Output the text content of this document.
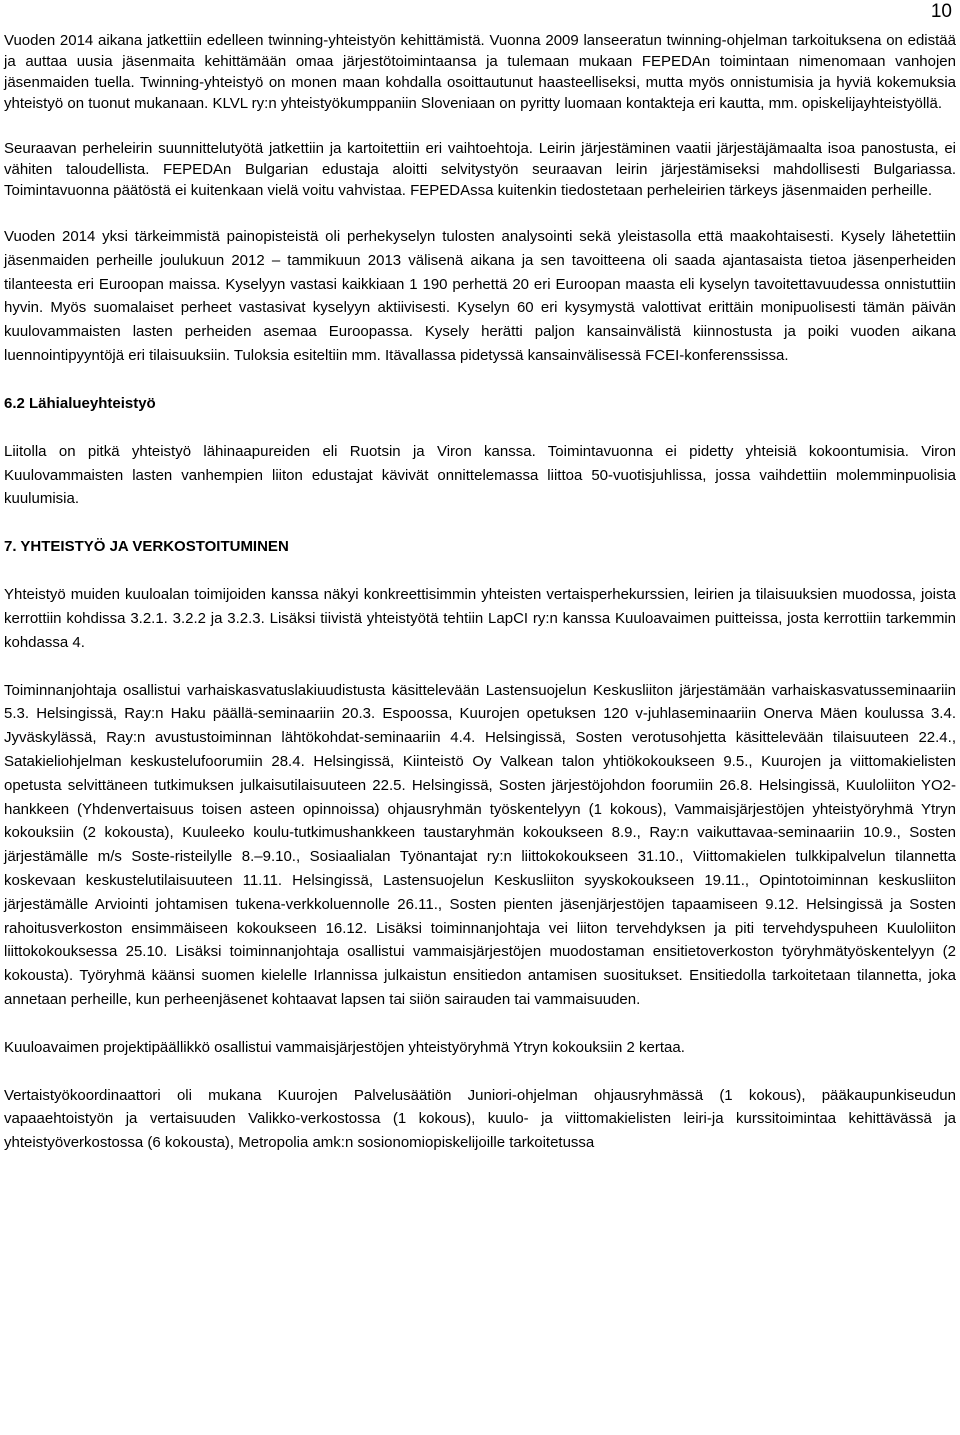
10

Vuoden 2014 aikana jatkettiin edelleen twinning-yhteistyön kehittämistä. Vuonna 2009 lanseeratun twinning-ohjelman tarkoituksena on edistää ja auttaa uusia jäsenmaita kehittämään omaa järjestötoimintaansa ja tulemaan mukaan FEPEDAn toimintaan nimenomaan vanhojen jäsenmaiden tuella. Twinning-yhteistyö on monen maan kohdalla osoittautunut haasteelliseksi, mutta myös onnistumisia ja hyviä kokemuksia yhteistyö on tuonut mukanaan. KLVL ry:n yhteistyökumppaniin Sloveniaan on pyritty luomaan kontakteja eri kautta, mm. opiskelijayhteistyöllä.

Seuraavan perheleirin suunnittelutyötä jatkettiin ja kartoitettiin eri vaihtoehtoja. Leirin järjestäminen vaatii järjestäjämaalta isoa panostusta, ei vähiten taloudellista. FEPEDAn Bulgarian edustaja aloitti selvitystyön seuraavan leirin järjestämiseksi mahdollisesti Bulgariassa. Toimintavuonna päätöstä ei kuitenkaan vielä voitu vahvistaa. FEPEDAssa kuitenkin tiedostetaan perheleirien tärkeys jäsenmaiden perheille.

Vuoden 2014 yksi tärkeimmistä painopisteistä oli perhekyselyn tulosten analysointi sekä yleistasolla että maakohtaisesti. Kysely lähetettiin jäsenmaiden perheille joulukuun 2012 – tammikuun 2013 välisenä aikana ja sen tavoitteena oli saada ajantasaista tietoa jäsenperheiden tilanteesta eri Euroopan maissa. Kyselyyn vastasi kaikkiaan 1 190 perhettä 20 eri Euroopan maasta eli kyselyn tavoitettavuudessa onnistuttiin hyvin. Myös suomalaiset perheet vastasivat kyselyyn aktiivisesti. Kyselyn 60 eri kysymystä valottivat erittäin monipuolisesti tämän päivän kuulovammaisten lasten perheiden asemaa Euroopassa. Kysely herätti paljon kansainvälistä kiinnostusta ja poiki vuoden aikana luennointipyyntöjä eri tilaisuuksiin. Tuloksia esiteltiin mm. Itävallassa pidetyssä kansainvälisessä FCEI-konferenssissa.

6.2 Lähialueyhteistyö

Liitolla on pitkä yhteistyö lähinaapureiden eli Ruotsin ja Viron kanssa. Toimintavuonna ei pidetty yhteisiä kokoontumisia. Viron Kuulovammaisten lasten vanhempien liiton edustajat kävivät onnittelemassa liittoa 50-vuotisjuhlissa, jossa vaihdettiin molemminpuolisia kuulumisia.

7. YHTEISTYÖ JA VERKOSTOITUMINEN

Yhteistyö muiden kuuloalan toimijoiden kanssa näkyi konkreettisimmin yhteisten vertaisperhekurssien, leirien ja tilaisuuksien muodossa, joista kerrottiin kohdissa 3.2.1. 3.2.2 ja 3.2.3. Lisäksi tiivistä yhteistyötä tehtiin LapCI ry:n kanssa Kuuloavaimen puitteissa, josta kerrottiin tarkemmin kohdassa 4.

Toiminnanjohtaja osallistui varhaiskasvatuslakiuudistusta käsittelevään Lastensuojelun Keskusliiton järjestämään varhaiskasvatusseminaariin 5.3. Helsingissä, Ray:n Haku päällä-seminaariin 20.3. Espoossa, Kuurojen opetuksen 120 v-juhlaseminaariin Onerva Mäen koulussa 3.4. Jyväskylässä, Ray:n avustustoiminnan lähtökohdat-seminaariin 4.4. Helsingissä, Sosten verotusohjetta käsittelevään tilaisuuteen 22.4., Satakieliohjelman keskustelufoorumiin 28.4. Helsingissä, Kiinteistö Oy Valkean talon yhtiökokoukseen 9.5., Kuurojen ja viittomakielisten opetusta selvittäneen tutkimuksen julkaisutilaisuuteen 22.5. Helsingissä, Sosten järjestöjohdon foorumiin 26.8. Helsingissä, Kuuloliiton YO2-hankkeen (Yhdenvertaisuus toisen asteen opinnoissa) ohjausryhmän työskentelyyn (1 kokous), Vammaisjärjestöjen yhteistyöryhmä Ytryn kokouksiin (2 kokousta), Kuuleeko koulu-tutkimushankkeen taustaryhmän kokoukseen 8.9., Ray:n vaikuttavaa-seminaariin 10.9., Sosten järjestämälle m/s Soste-risteilylle 8.–9.10., Sosiaalialan Työnantajat ry:n liittokokoukseen 31.10., Viittomakielen tulkkipalvelun tilannetta koskevaan keskustelutilaisuuteen 11.11. Helsingissä, Lastensuojelun Keskusliiton syyskokoukseen 19.11., Opintotoiminnan keskusliiton järjestämälle Arviointi johtamisen tukena-verkkoluennolle 26.11., Sosten pienten jäsenjärjestöjen tapaamiseen 9.12. Helsingissä ja Sosten rahoitusverkoston ensimmäiseen kokoukseen 16.12. Lisäksi toiminnanjohtaja vei liiton tervehdyksen ja piti tervehdyspuheen Kuuloliiton liittokokouksessa 25.10. Lisäksi toiminnanjohtaja osallistui vammaisjärjestöjen muodostaman ensitietoverkoston työryhmätyöskentelyyn (2 kokousta). Työryhmä käänsi suomen kielelle Irlannissa julkaistun ensitiedon antamisen suositukset. Ensitiedolla tarkoitetaan tilannetta, joka annetaan perheille, kun perheenjäsenet kohtaavat lapsen tai siiön sairauden tai vammaisuuden.

Kuuloavaimen projektipäällikkö osallistui vammaisjärjestöjen yhteistyöryhmä Ytryn kokouksiin 2 kertaa.

Vertaistyökoordinaattori oli mukana Kuurojen Palvelusäätiön Juniori-ohjelman ohjausryhmässä (1 kokous), pääkaupunkiseudun vapaaehtoistyön ja vertaisuuden Valikko-verkostossa (1 kokous), kuulo- ja viittomakielisten leiri-ja kurssitoimintaa kehittävässä ja yhteistyöverkostossa (6 kokousta), Metropolia amk:n sosionomiopiskelijoille tarkoitetussa
